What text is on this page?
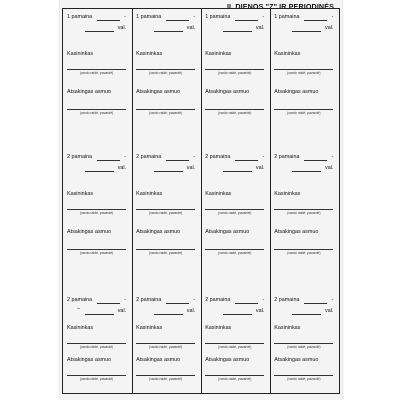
II. DIENOS "Z" IR PERIODINĖS
1 pamaina	-
val.
Kasininkas
(vardo raidė, pavardė)
Atsakingas asmuo
(vardo raidė, pavardė)
1 pamaina	-
val.
Kasininkas
(vardo raidė, pavardė)
Atsakingas asmuo
(vardo raidė, pavardė)
1 pamaina	-
val.
Kasininkas
(vardo raidė, pavardė)
Atsakingas asmuo
(vardo raidė, pavardė)
1 pamaina	-
val.
Kasininkas
(vardo raidė, pavardė)
Atsakingas asmuo
(vardo raidė, pavardė)
2 pamaina	-
val.
Kasininkas
(vardo raidė, pavardė)
Atsakingas asmuo
(vardo raidė, pavardė)
2 pamaina	-
val.
Kasininkas
(vardo raidė, pavardė)
Atsakingas asmuo
(vardo raidė, pavardė)
2 pamaina	-
val.
Kasininkas
(vardo raidė, pavardė)
Atsakingas asmuo
(vardo raidė, pavardė)
2 pamaina	-
val.
Kasininkas
(vardo raidė, pavardė)
Atsakingas asmuo
(vardo raidė, pavardė)
2 pamaina	-
–	val.
Kasininkas
(vardo raidė, pavardė)
Atsakingas asmuo
(vardo raidė, pavardė)
2 pamaina	-
val.
Kasininkas
(vardo raidė, pavardė)
Atsakingas asmuo
(vardo raidė, pavardė)
2 pamaina	-
val.
Kasininkas
(vardo raidė, pavardė)
Atsakingas asmuo
(vardo raidė, pavardė)
2 pamaina	-
val.
Kasininkas
(vardo raidė, pavardė)
Atsakingas asmuo
(vardo raidė, pavardė)
